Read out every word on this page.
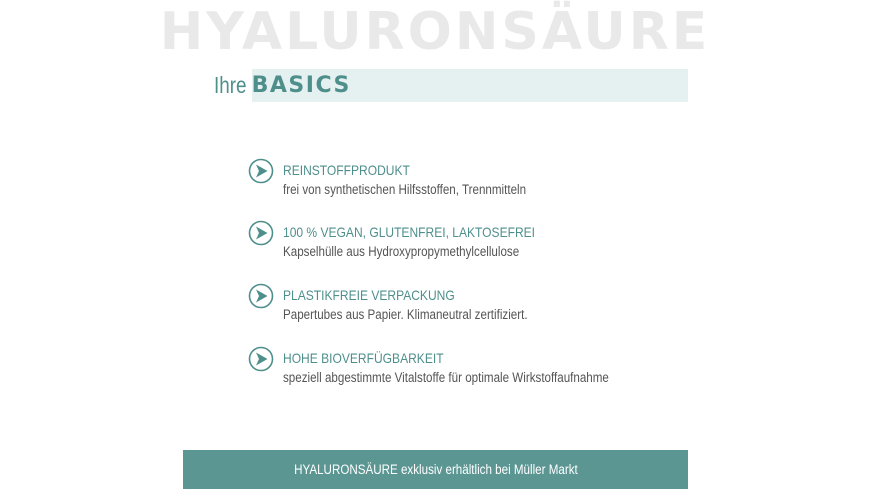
HYALURONSÄURE
Ihre BASICS
REINSTOFFPRODUKT
frei von synthetischen Hilfsstoffen, Trennmitteln
100 % VEGAN, GLUTENFREI, LAKTOSEFREI
Kapselhülle aus Hydroxypropymethylcellulose
PLASTIKFREIE VERPACKUNG
Papertubes aus Papier. Klimaneutral zertifiziert.
HOHE BIOVERFÜGBARKEIT
speziell abgestimmte Vitalstoffe für optimale Wirkstoffaufnahme
HYALURONSÄURE exklusiv erhältlich bei Müller Markt
